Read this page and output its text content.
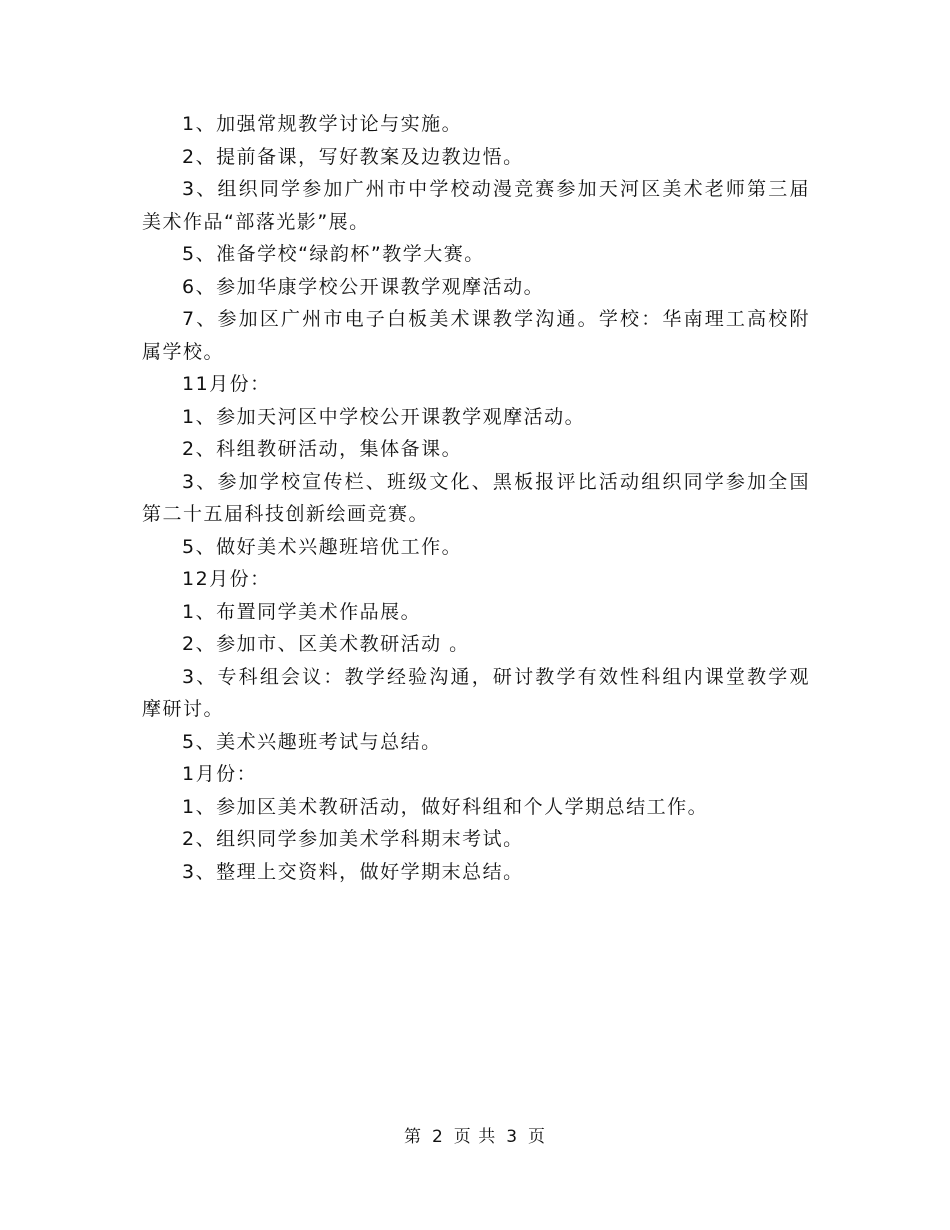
1、加强常规教学讨论与实施。

2、提前备课，写好教案及边教边悟。

3、组织同学参加广州市中学校动漫竞赛参加天河区美术老师第三届美术作品“部落光影”展。

5、准备学校“绿韵杯”教学大赛。

6、参加华康学校公开课教学观摩活动。

7、参加区广州市电子白板美术课教学沟通。学校：华南理工高校附属学校。

11月份：

1、参加天河区中学校公开课教学观摩活动。

2、科组教研活动，集体备课。

3、参加学校宣传栏、班级文化、黑板报评比活动组织同学参加全国第二十五届科技创新绘画竞赛。

5、做好美术兴趣班培优工作。

12月份：

1、布置同学美术作品展。

2、参加市、区美术教研活动 。

3、专科组会议：教学经验沟通，研讨教学有效性科组内课堂教学观摩研讨。

5、美术兴趣班考试与总结。

1月份：

1、参加区美术教研活动，做好科组和个人学期总结工作。

2、组织同学参加美术学科期末考试。

3、整理上交资料，做好学期末总结。

第 2 页 共 3 页
